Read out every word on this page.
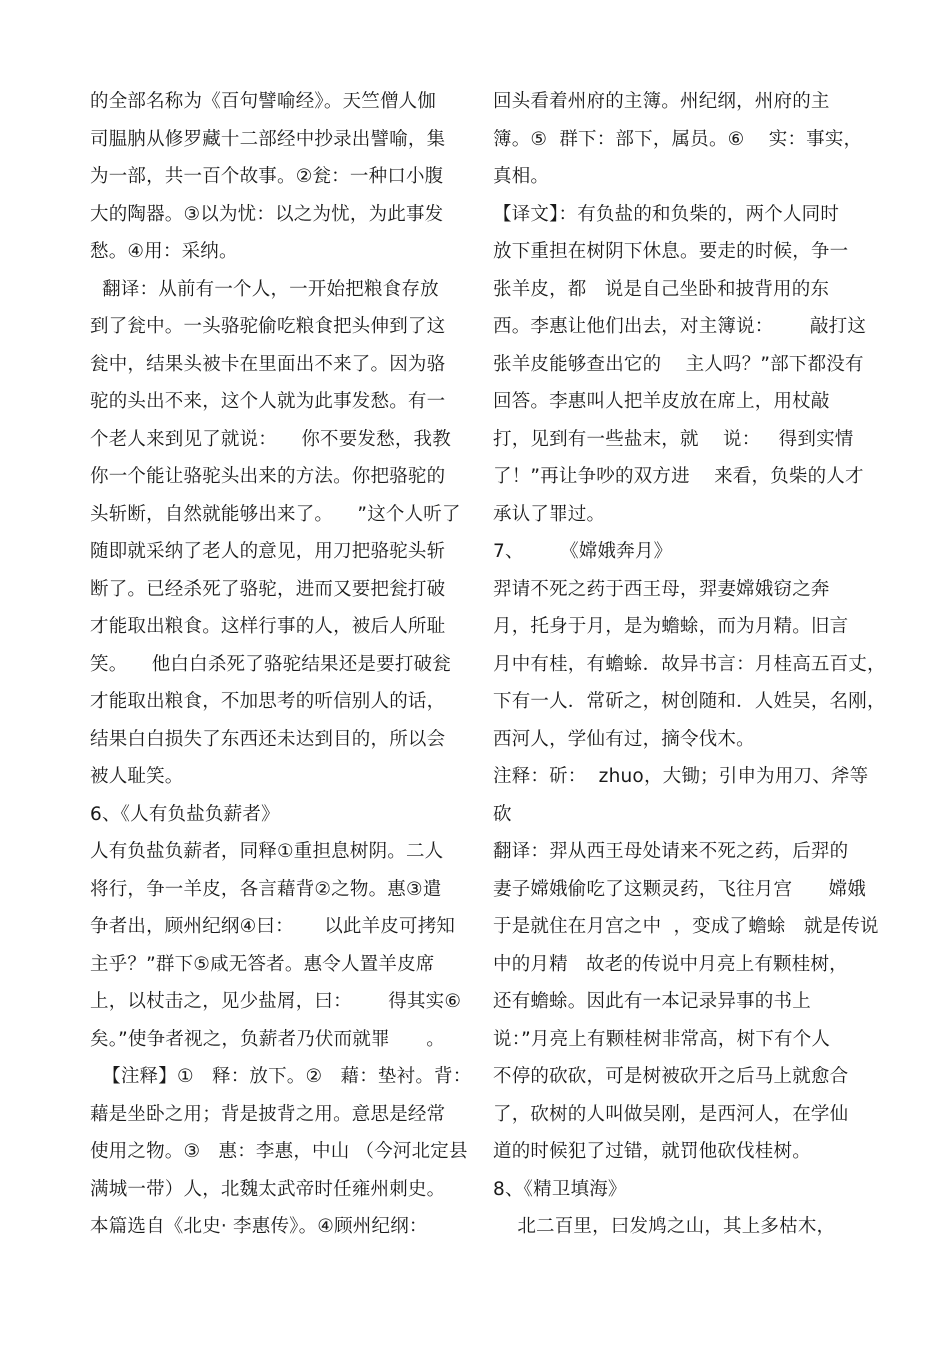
的全部名称为《百句譬喻经》。天竺僧人伽
司腽肭从修罗藏十二部经中抄录出譬喻，集
为一部，共一百个故事。②瓮：一种口小腹
大的陶器。③以为忧：以之为忧，为此事发
愁。④用：采纳。
翻译：从前有一个人，一开始把粮食存放
到了瓮中。一头骆驼偷吃粮食把头伸到了这
瓮中，结果头被卡在里面出不来了。因为骆
驼的头出不来，这个人就为此事发愁。有一
个老人来到见了就说：    你不要发愁，我教
你一个能让骆驼头出来的方法。你把骆驼的
头斩断，自然就能够出来了。    ”这个人听了
随即就采纳了老人的意见，用刀把骆驼头斩
断了。已经杀死了骆驼，进而又要把瓮打破
才能取出粮食。这样行事的人，被后人所耻
笑。    他白白杀死了骆驼结果还是要打破瓮
才能取出粮食，不加思考的听信别人的话，
结果白白损失了东西还未达到目的，所以会
被人耻笑。
6、《人有负盐负薪者》
人有负盐负薪者，同释①重担息树阴。二人
将行，争一羊皮，各言藉背②之物。惠③遣
争者出，顾州纪纲④曰：     以此羊皮可拷知
主乎？”群下⑤咸无答者。惠令人置羊皮席
上，以杖击之，见少盐屑，曰：      得其实⑥
矣。”使争者视之，负薪者乃伏而就罪      。
【注释】①   释：放下。②   藉：垫衬。背：
藉是坐卧之用；背是披背之用。意思是经常
使用之物。③   惠：李惠，中山 （今河北定县
满城一带）人，北魏太武帝时任雍州刺史。
本篇选自《北史· 李惠传》。④顾州纪纲：
回头看着州府的主簿。州纪纲，州府的主
簿。⑤  群下：部下，属员。⑥    实：事实，
真相。
【译文】：有负盐的和负柴的，两个人同时
放下重担在树阴下休息。要走的时候，争一
张羊皮，都   说是自己坐卧和披背用的东
西。李惠让他们出去，对主簿说：      敲打这
张羊皮能够查出它的    主人吗？”部下都没有
回答。李惠叫人把羊皮放在席上，用杖敲
打，见到有一些盐末，就    说：   得到实情
了！”再让争吵的双方进    来看，负柴的人才
承认了罪过。
7、      《嫦娥奔月》
羿请不死之药于西王母，羿妻嫦娥窃之奔
月，托身于月，是为蟾蜍，而为月精。旧言
月中有桂，有蟾蜍．故异书言：月桂高五百丈，
下有一人．常斫之，树创随和．人姓吴，名刚，
西河人，学仙有过，摘令伐木。
注释：斫：  zhuo，大锄；引申为用刀、斧等
砍
翻译：羿从西王母处请来不死之药，后羿的
妻子嫦娥偷吃了这颗灵药，飞往月宫      嫦娥
于是就住在月宫之中  ，变成了蟾蜍   就是传说
中的月精   故老的传说中月亮上有颗桂树，
还有蟾蜍。因此有一本记录异事的书上
说：”月亮上有颗桂树非常高，树下有个人
不停的砍砍，可是树被砍开之后马上就愈合
了，砍树的人叫做吴刚，是西河人，在学仙
道的时候犯了过错，就罚他砍伐桂树。
8、《精卫填海》
北二百里，曰发鸠之山，其上多枯木，
